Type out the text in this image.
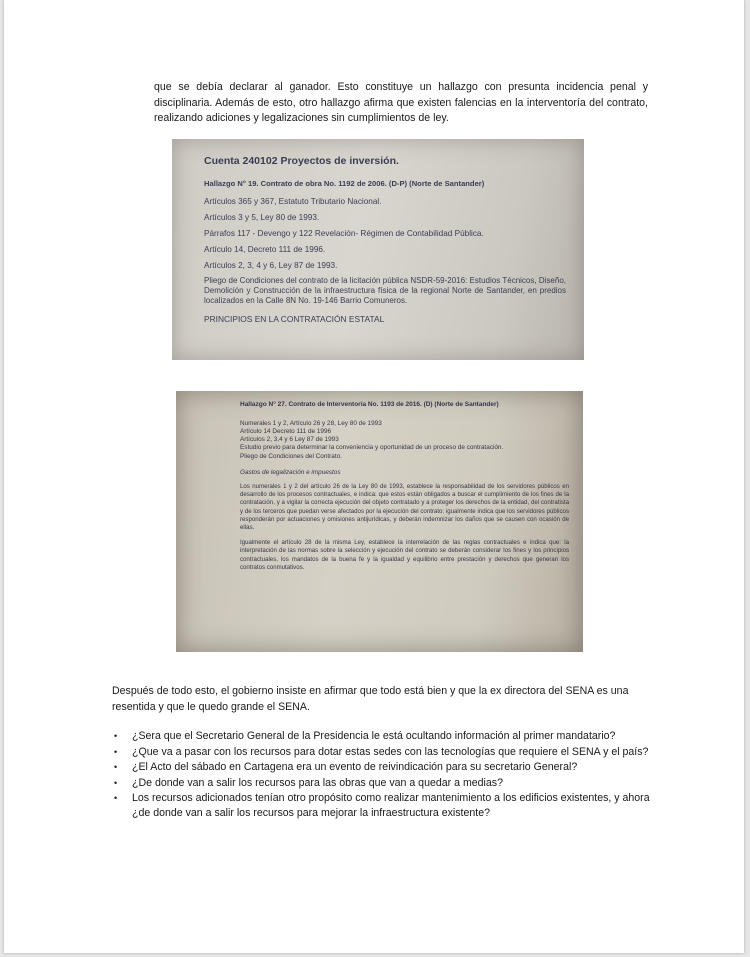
que se debía declarar al ganador. Esto constituye un hallazgo con presunta incidencia penal y disciplinaria. Además de esto, otro hallazgo afirma que existen falencias en la interventoría del contrato, realizando adiciones y legalizaciones sin cumplimientos de ley.

Cuenta 240102 Proyectos de inversión.

Hallazgo N° 19. Contrato de obra No. 1192 de 2006. (D-P) (Norte de Santander)

Artículos 365 y 367, Estatuto Tributario Nacional.

Artículos 3 y 5, Ley 80 de 1993.

Párrafos 117 - Devengo y 122 Revelación- Régimen de Contabilidad Pública.

Artículo 14, Decreto 111 de 1996.

Artículos 2, 3, 4 y 6, Ley 87 de 1993.

Pliego de Condiciones del contrato de la licitación pública NSDR-59-2016: Estudios Técnicos, Diseño, Demolición y Construcción de la infraestructura física de la regional Norte de Santander, en predios localizados en la Calle 8N No. 19-146 Barrio Comuneros.

PRINCIPIOS EN LA CONTRATACIÓN ESTATAL

Hallazgo N° 27. Contrato de Interventoría No. 1193 de 2016. (D) (Norte de Santander)

Numerales 1 y 2, Artículo 26 y 28, Ley 80 de 1993

Artículo 14 Decreto 111 de 1996

Artículos 2, 3,4 y 6 Ley 87 de 1993

Estudio previo para determinar la conveniencia y oportunidad de un proceso de contratación.

Pliego de Condiciones del Contrato.

Gastos de legalización e impuestos

Los numerales 1 y 2 del artículo 26 de la Ley 80 de 1993, establece la responsabilidad de los servidores públicos en desarrollo de los procesos contractuales, e indica: que estos están obligados a buscar el cumplimiento de los fines de la contratación, y a vigilar la correcta ejecución del objeto contratado y a proteger los derechos de la entidad, del contratista y de los terceros que puedan verse afectados por la ejecución del contrato; igualmente indica que los servidores públicos responderán por actuaciones y omisiones antijurídicas, y deberán indemnizar los daños que se causen con ocasión de ellas.

Igualmente el artículo 28 de la misma Ley, establece la interrelación de las reglas contractuales e indica que: la interpretación de las normas sobre la selección y ejecución del contrato se deberán considerar los fines y los principios contractuales, los mandatos de la buena fe y la igualdad y equilibrio entre prestación y derechos que generan los contratos conmutativos.

Después de todo esto, el gobierno insiste en afirmar que todo está bien y que la ex directora del SENA es una resentida y que le quedo grande el SENA.

• ¿Sera que el Secretario General de la Presidencia le está ocultando información al primer mandatario?
• ¿Que va a pasar con los recursos para dotar estas sedes con las tecnologías que requiere el SENA y el país?
• ¿El Acto del sábado en Cartagena era un evento de reivindicación para su secretario General?
• ¿De donde van a salir los recursos para las obras que van a quedar a medias?
• Los recursos adicionados tenían otro propósito como realizar mantenimiento a los edificios existentes, y ahora ¿de donde van a salir los recursos para mejorar la infraestructura existente?
